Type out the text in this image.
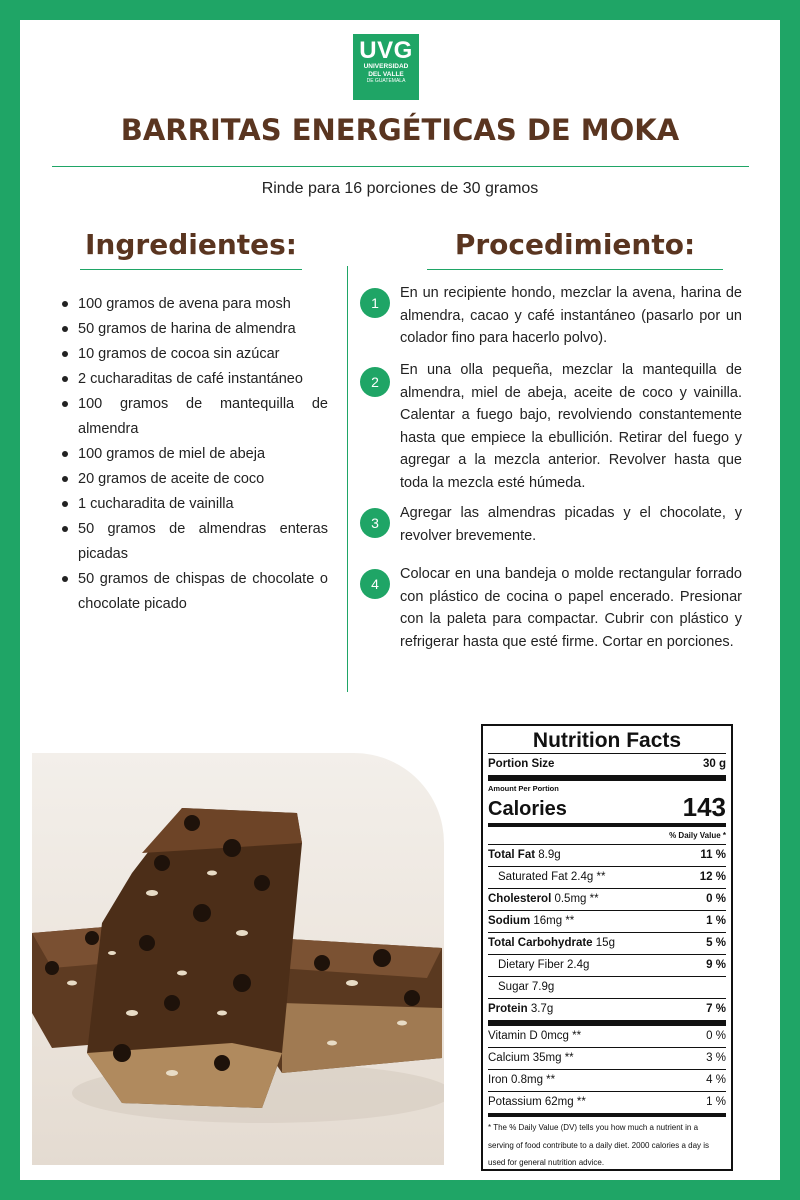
UVG
UNIVERSIDAD
DEL VALLE
DE GUATEMALA
BARRITAS ENERGÉTICAS DE MOKA
Rinde para 16 porciones de 30 gramos
Ingredientes:	Procedimiento:
100 gramos de avena para mosh
50 gramos de harina de almendra
10 gramos de cocoa sin azúcar
2 cucharaditas de café instantáneo
100 gramos de mantequilla de almendra
100 gramos de miel de abeja
20 gramos de aceite de coco
1 cucharadita de vainilla
50 gramos de almendras enteras picadas
50 gramos de chispas de chocolate o chocolate picado
1
En un recipiente hondo, mezclar la avena, harina de almendra, cacao y café instantáneo (pasarlo por un colador fino para hacerlo polvo).
2
En una olla pequeña, mezclar la mantequilla de almendra, miel de abeja, aceite de coco y vainilla. Calentar a fuego bajo, revolviendo constantemente hasta que empiece la ebullición. Retirar del fuego y agregar a la mezcla anterior. Revolver hasta que toda la mezcla esté húmeda.
3
Agregar las almendras picadas y el chocolate, y revolver brevemente.
4
Colocar en una bandeja o molde rectangular forrado con plástico de cocina o papel encerado. Presionar con la paleta para compactar. Cubrir con plástico y refrigerar hasta que esté firme. Cortar en porciones.
Nutrition Facts
Portion Size	30 g
Amount Per Portion
Calories	143
% Daily Value *
Total Fat 8.9g	11 %
Saturated Fat 2.4g **	12 %
Cholesterol 0.5mg **	0 %
Sodium 16mg **	1 %
Total Carbohydrate 15g	5 %
Dietary Fiber 2.4g	9 %
Sugar 7.9g
Protein 3.7g	7 %
Vitamin D 0mcg **	0 %
Calcium 35mg **	3 %
Iron 0.8mg **	4 %
Potassium 62mg **	1 %
* The % Daily Value (DV) tells you how much a nutrient in a serving of food contribute to a daily diet. 2000 calories a day is used for general nutrition advice.
